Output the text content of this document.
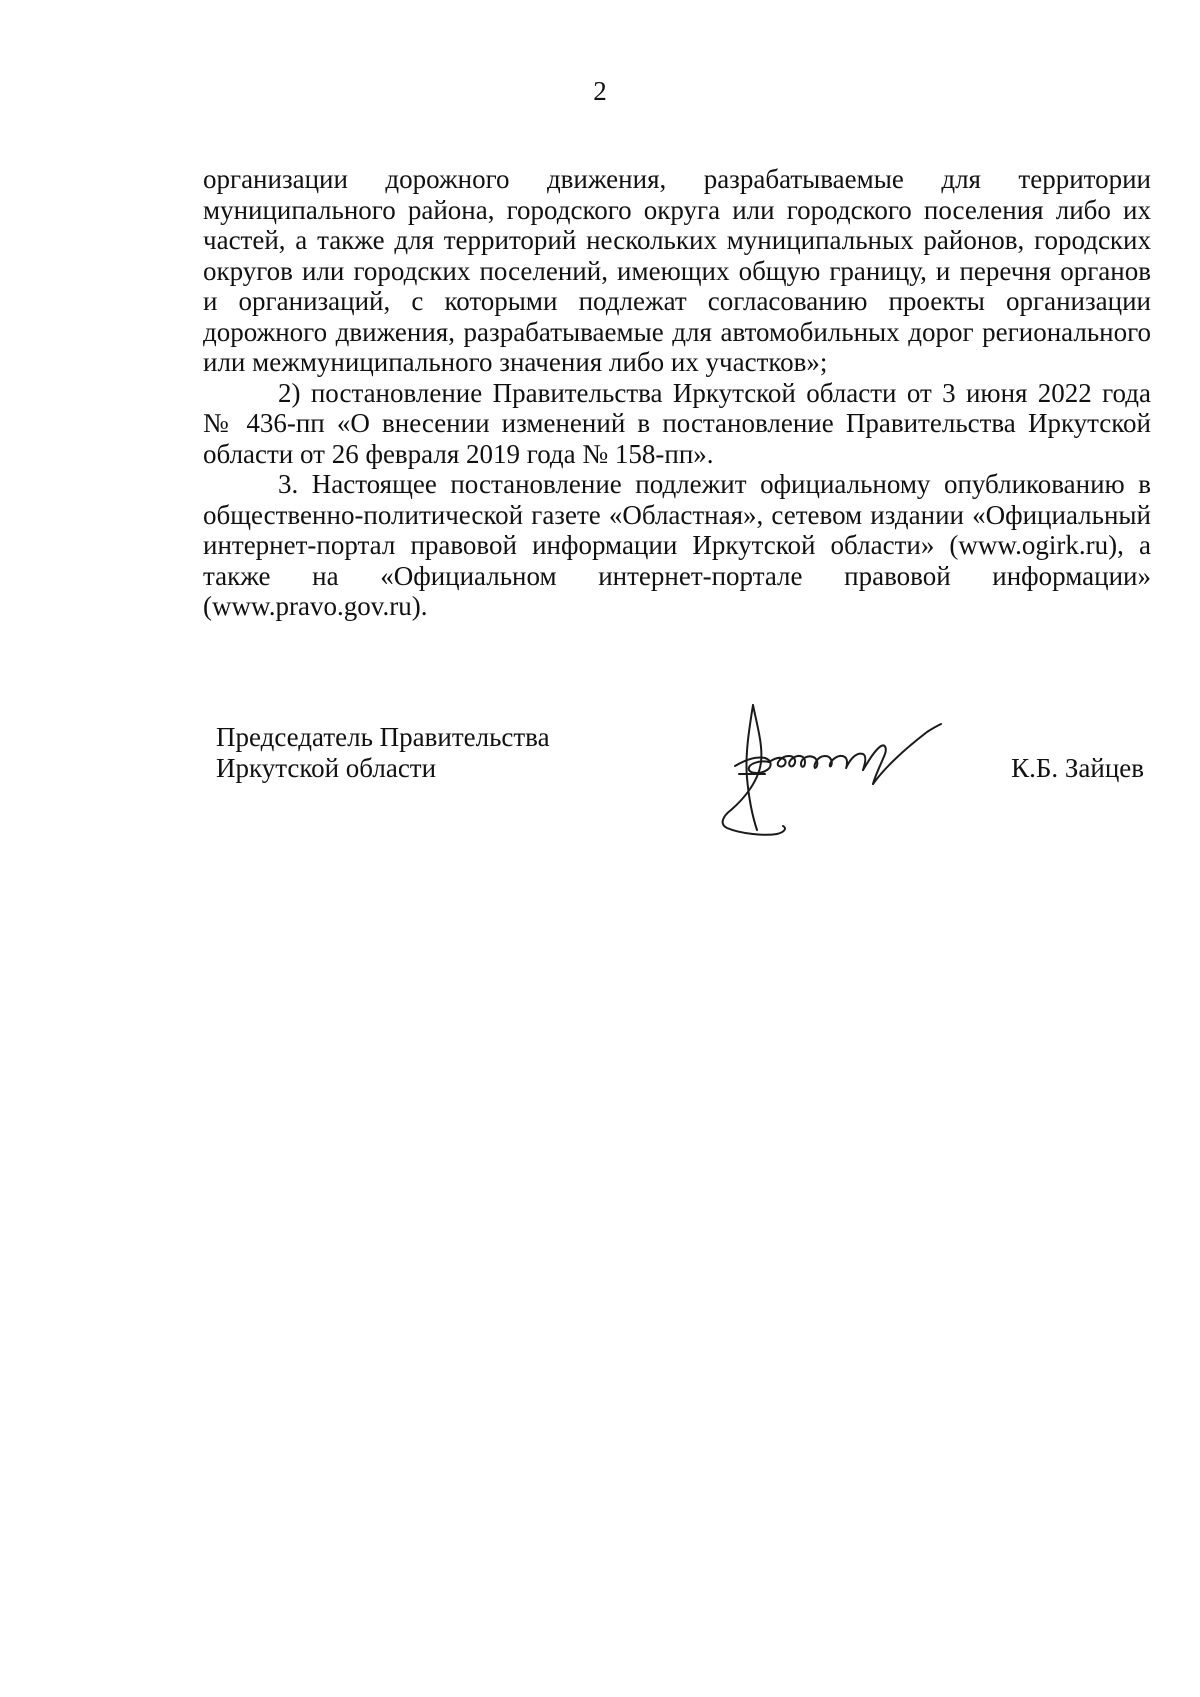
2

организации дорожного движения, разрабатываемые для территории муниципального района, городского округа или городского поселения либо их частей, а также для территорий нескольких муниципальных районов, городских округов или городских поселений, имеющих общую границу, и перечня органов и организаций, с которыми подлежат согласованию проекты организации дорожного движения, разрабатываемые для автомобильных дорог регионального или межмуниципального значения либо их участков»;

2) постановление Правительства Иркутской области от 3 июня 2022 года № 436-пп «О внесении изменений в постановление Правительства Иркутской области от 26 февраля 2019 года № 158-пп».

3. Настоящее постановление подлежит официальному опубликованию в общественно-политической газете «Областная», сетевом издании «Официальный интернет-портал правовой информации Иркутской области» (www.ogirk.ru), а также на «Официальном интернет-портале правовой информации» (www.pravo.gov.ru).

Председатель Правительства
Иркутской области	К.Б. Зайцев
